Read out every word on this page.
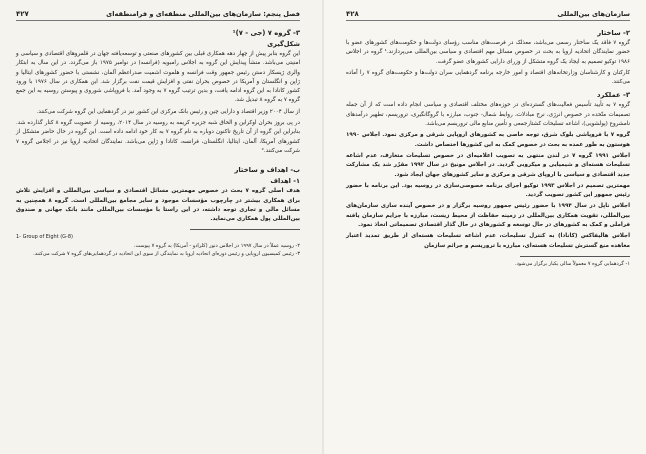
فصل پنجم: سازمان‌های بین‌المللی منطقه‌ای و فرامنطقه‌ای
۴۲۷
۳- گروه ۷ (جی - ۷)¹
شکل‌گیری

این گروه بنا‌بر پیش از چهار دهه همکاری قبلی بین کشورهای صنعتی و توسعه‌یافته جهان در قلمروهای اقتصادی و سیاسی و امنیتی می‌باشد. منشأ پیدایش این گروه به اجلاس رامبویه (فرانسه) در نوامبر ۱۹۷۵ باز می‌گردد. در این سال به ابتکار والری ژیسکار دستن رئیس جمهور وقت فرانسه و هلموت اشمیت صدراعظم آلمان، نشستی با حضور کشورهای ایتالیا و ژاپن و انگلستان و آمریکا در خصوص بحران نفتی و افزایش قیمت نفت برگزار شد. این همکاری در سال ۱۹۷۶ با ورود کشور کانادا به این گروه ادامه یافت، و بدین ترتیب گروه ۷ به وجود آمد. با فروپاشی شوروی و پیوستن روسیه به این جمع گروه ۷ به گروه ۸ تبدیل شد.

از سال ۲۰۰۴ وزیر اقتصاد و دارایی چین و رئیس بانک مرکزی این کشور نیز در گردهمایی این گروه شرکت می‌کنند.

در پی بروز بحران اوکراین و الحاق شبه جزیره کریمه به روسیه در سال ۲۰۱۴، روسیه از عضویت گروه ۸ کنار گذارده شد. بنابراین این گروه از آن تاریخ تاکنون دوباره به نام گروه ۷ به کار خود ادامه داده است. این گروه در حال حاضر متشکل از کشورهای آمریکا، آلمان، ایتالیا، انگلستان، فرانسه، کانادا و ژاپن می‌باشد. نمایندگان اتحادیه اروپا نیز در اجلاس گروه ۷ شرکت می‌کنند.²

ب- اهداف و ساختار
۱- اهداف

هدف اصلی گروه ۷ بحث در خصوص مهمترین مسائل اقتصادی و سیاسی بین‌المللی و افزایش تلاش برای همکاری بیشتر در چارچوب مؤسسات موجود و سایر مجامع بین‌المللی است. گروه ۸ همچنین به مسائل مالی و تجاری توجه داشته، در این راستا با مؤسسات بین‌المللی مانند بانک جهانی و صندوق بین‌المللی پول همکاری می‌نماید.

1- Group of Eight (G-8)

۲- روسیه عملاً در سال ۱۹۹۷ در اجلاس دنور (کلرادو - آمریکا) به گروه ۷ پیوست.

۳- رئیس کمیسیون اروپایی و رئیس دوره‌ای اتحادیه اروپا به نمایندگی از سوی این اتحادیه در گردهمایی‌های گروه ۷ شرکت می‌کنند.

سازمان‌های بین‌المللی
۴۲۸
۲- ساختار

گروه ۷ فاقد یک ساختار رسمی می‌باشد، معذلک در فرصت‌های مناسب رؤسای دولت‌ها و حکومت‌های کشورهای عضو با حضور نمایندگان اتحادیه اروپا به بحث در خصوص مسائل مهم اقتصادی و سیاسی بین‌المللی می‌پردازند.¹ گروه در اجلاس ۱۹۸۶ توکیو تصمیم به ایجاد یک گروه متشکل از وزرای دارایی کشورهای عضو گرفت.

کارکنان و کارشناسان وزارتخانه‌های اقتصاد و امور خارجه برنامه گردهمایی سران دولت‌ها و حکومت‌های گروه ۷ را آماده می‌کنند.

۳- عملکرد

گروه ۷ به تأیید تأسیس فعالیت‌های گسترده‌ای در حوزه‌های مختلف اقتصادی و سیاسی انجام داده است که از آن جمله تصمیمات متّحده در خصوص انرژی، نرخ مبادلات، روابط شمال- جنوب، مبارزه با گروگانگیری، تروریسم، تطهیر درآمدهای نامشروع (پولشویی)، اشاعه تسلیحات کشتارجمعی و تأمین منابع مالی تروریسم می‌باشد.

گروه ۷ با فروپاشی بلوک شرق، توجه خاصی به کشورهای اروپایی شرقی و مرکزی نمود. اجلاس ۱۹۹۰ هوستون به طور عمده به بحث در خصوص کمک به این کشورها اختصاص داشت.

اجلاس ۱۹۹۱ گروه ۷ در لندن منتهی به تصویب اعلامیه‌ای در خصوص تسلیحات متعارف، عدم اشاعه تسلیحات هسته‌ای و شیمیایی و میکروبی گردید. در اجلاس مونیخ در سال ۱۹۹۲ مقرّر شد یک مشارکت جدید اقتصادی و سیاسی با اروپای شرقی و مرکزی و سایر کشورهای جهان ایجاد شود.

مهمترین تصمیم در اجلاس ۱۹۹۳ توکیو اجرای برنامه خصوصی‌سازی در روسیه بود. این برنامه با حضور رئیس جمهور این کشور تصویب گردید.

اجلاس ناپل در سال ۱۹۹۴ با حضور رئیس جمهور روسیه برگزار و در خصوص آینده سازی سازمان‌های بین‌المللی، تقویت همکاری بین‌المللی در زمینه حفاظت از محیط زیست، مبارزه با جرایم سازمان یافته فراملی و کمک به کشورهای در حال توسعه و کشورهای در حال گذار اقتصادی تصمیماتی اتخاذ نمود.

اجلاس هالیفاکس (کانادا) به کنترل تسلیحات، عدم اشاعه تسلیحات هسته‌ای از طریق تمدید اعتبار معاهده منع گسترش تسلیحات هسته‌ای، مبارزه با تروریسم و جرائم سازمان

۱- گردهمایی گروه ۷ معمولاً سالی یکبار برگزار می‌شود.
